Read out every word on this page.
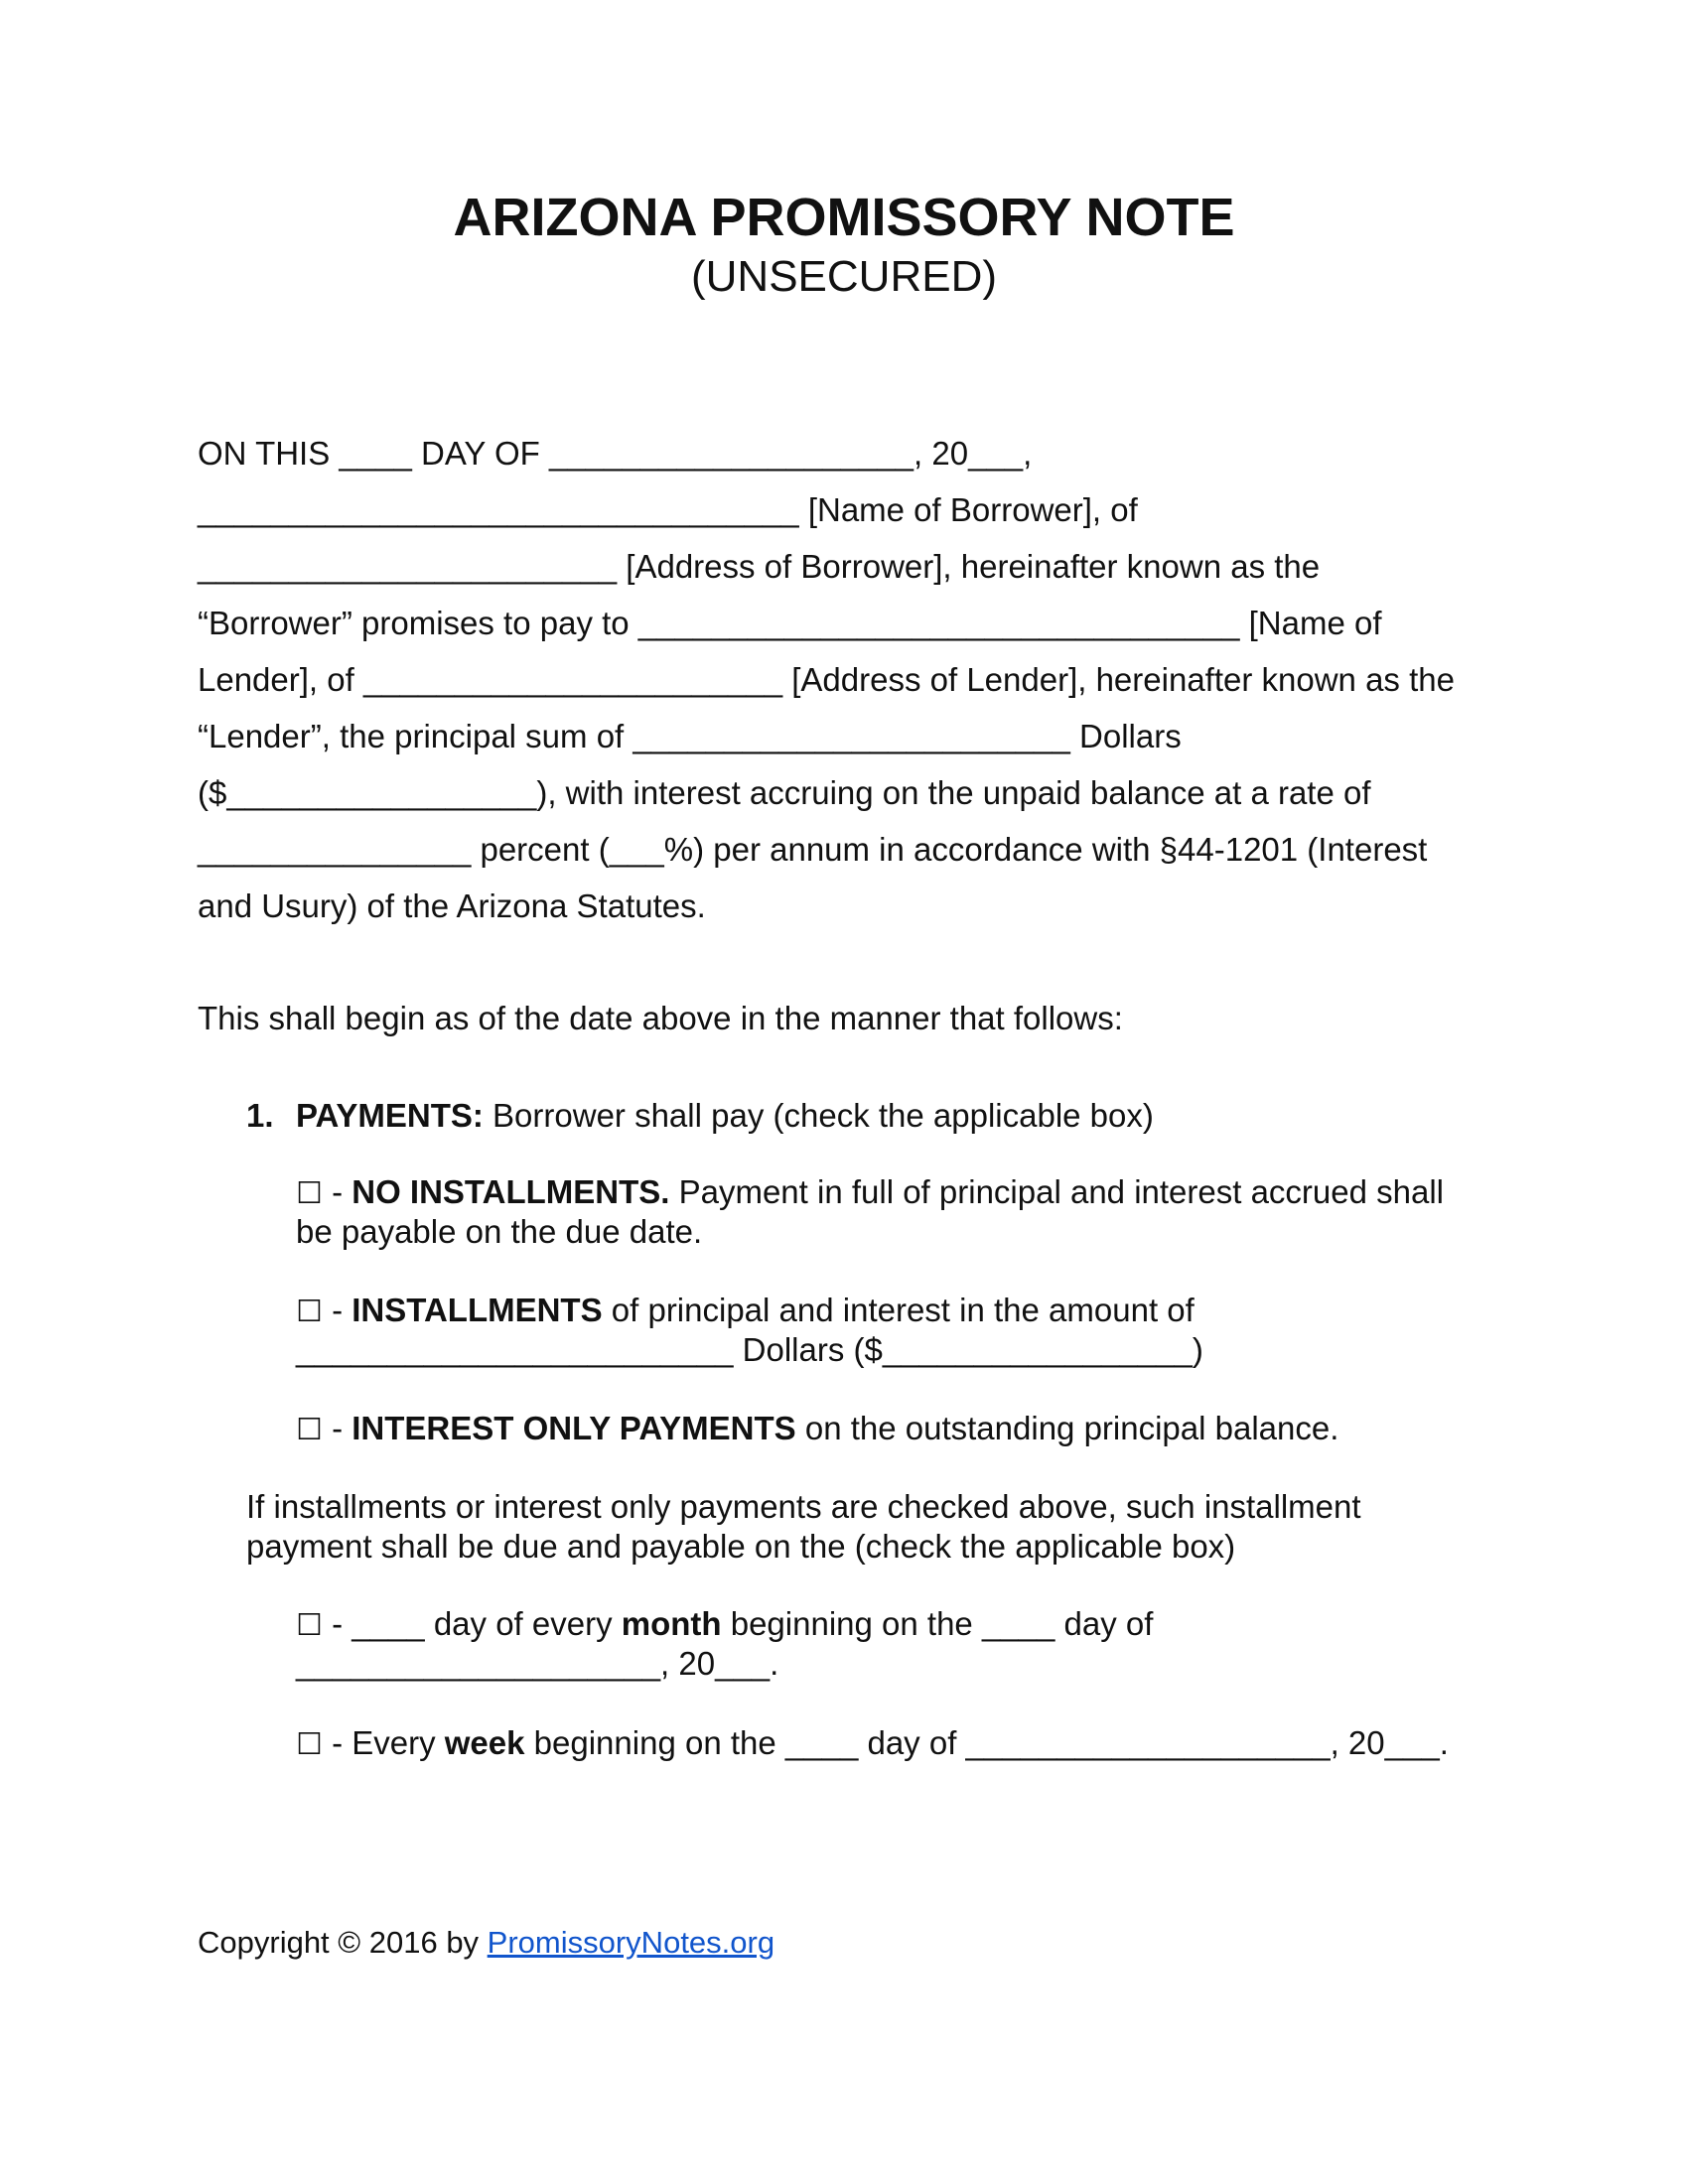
ARIZONA PROMISSORY NOTE
(UNSECURED)
ON THIS ____ DAY OF ____________________, 20___,
_________________________________ [Name of Borrower], of
_______________________ [Address of Borrower], hereinafter known as the
“Borrower” promises to pay to _________________________________ [Name of
Lender], of _______________________ [Address of Lender], hereinafter known as the
“Lender”, the principal sum of ________________________ Dollars
($_________________), with interest accruing on the unpaid balance at a rate of
_______________ percent (___%) per annum in accordance with §44-1201 (Interest
and Usury) of the Arizona Statutes.
This shall begin as of the date above in the manner that follows:
1. PAYMENTS: Borrower shall pay (check the applicable box)
☐ - NO INSTALLMENTS. Payment in full of principal and interest accrued shall
be payable on the due date.
☐ - INSTALLMENTS of principal and interest in the amount of
________________________ Dollars ($_________________)
☐ - INTEREST ONLY PAYMENTS on the outstanding principal balance.
If installments or interest only payments are checked above, such installment
payment shall be due and payable on the (check the applicable box)
☐ - ____ day of every month beginning on the ____ day of
____________________, 20___.
☐ - Every week beginning on the ____ day of ____________________, 20___.
Copyright © 2016 by PromissoryNotes.org
